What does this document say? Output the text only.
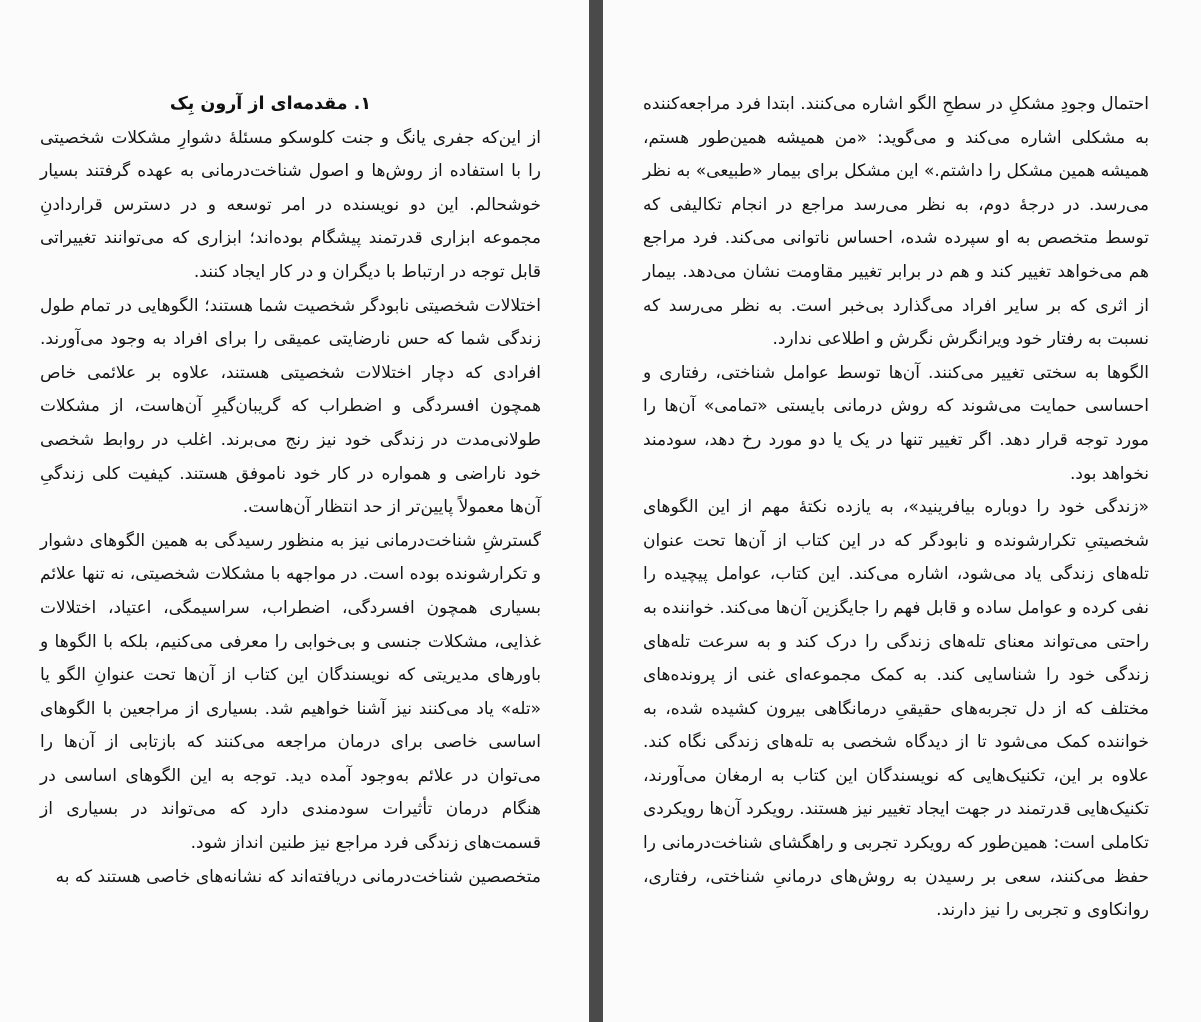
۱. مقدمه‌ای از آرون بِک

از این‌که جفری یانگ و جنت کلوسکو مسئلهٔ دشوارِ مشکلات شخصیتی را با استفاده از روش‌ها و اصول شناخت‌درمانی به عهده گرفتند بسیار خوشحالم. این دو نویسنده در امر توسعه و در دسترس قراردادنِ مجموعه ابزاری قدرتمند پیشگام بوده‌اند؛ ابزاری که می‌توانند تغییراتی قابل توجه در ارتباط با دیگران و در کار ایجاد کنند.

اختلالات شخصیتی نابودگر شخصیت شما هستند؛ الگوهایی در تمام طول زندگی شما که حس نارضایتی عمیقی را برای افراد به وجود می‌آورند. افرادی که دچار اختلالات شخصیتی هستند، علاوه بر علائمی خاص همچون افسردگی و اضطراب که گریبان‌گیرِ آن‌هاست، از مشکلات طولانی‌مدت در زندگی خود نیز رنج می‌برند. اغلب در روابط شخصی خود ناراضی و همواره در کار خود ناموفق هستند. کیفیت کلی زندگیِ آن‌ها معمولاً پایین‌تر از حد انتظار آن‌هاست.

گسترشِ شناخت‌درمانی نیز به منظور رسیدگی به همین الگوهای دشوار و تکرارشونده بوده است. در مواجهه با مشکلات شخصیتی، نه تنها علائم بسیاری همچون افسردگی، اضطراب، سراسیمگی، اعتیاد، اختلالات غذایی، مشکلات جنسی و بی‌خوابی را معرفی می‌کنیم، بلکه با الگوها و باورهای مدیریتی که نویسندگان این کتاب از آن‌ها تحت عنوانِ الگو یا «تله» یاد می‌کنند نیز آشنا خواهیم شد. بسیاری از مراجعین با الگوهای اساسی خاصی برای درمان مراجعه می‌کنند که بازتابی از آن‌ها را می‌توان در علائم به‌وجود آمده دید. توجه به این الگوهای اساسی در هنگام درمان تأثیرات سودمندی دارد که می‌تواند در بسیاری از قسمت‌های زندگی فرد مراجع نیز طنین انداز شود.

متخصصین شناخت‌درمانی دریافته‌اند که نشانه‌های خاصی هستند که به

احتمال وجودِ مشکلِ در سطحِ الگو اشاره می‌کنند. ابتدا فرد مراجعه‌کننده به مشکلی اشاره می‌کند و می‌گوید: «من همیشه همین‌طور هستم، همیشه همین مشکل را داشتم.» این مشکل برای بیمار «طبیعی» به نظر می‌رسد. در درجهٔ دوم، به نظر می‌رسد مراجع در انجام تکالیفی که توسط متخصص به او سپرده شده، احساس ناتوانی می‌کند. فرد مراجع هم می‌خواهد تغییر کند و هم در برابر تغییر مقاومت نشان می‌دهد. بیمار از اثری که بر سایر افراد می‌گذارد بی‌خبر است. به نظر می‌رسد که نسبت به رفتار خود ویرانگرش نگرش و اطلاعی ندارد.

الگوها به سختی تغییر می‌کنند. آن‌ها توسط عوامل شناختی، رفتاری و احساسی حمایت می‌شوند که روش درمانی بایستی «تمامی» آن‌ها را مورد توجه قرار دهد. اگر تغییر تنها در یک یا دو مورد رخ دهد، سودمند نخواهد بود.

«زندگی خود را دوباره بیافرینید»، به یازده نکتهٔ مهم از این الگوهای شخصیتیِ تکرارشونده و نابودگر که در این کتاب از آن‌ها تحت عنوان تله‌های زندگی یاد می‌شود، اشاره می‌کند. این کتاب، عوامل پیچیده را نفی کرده و عوامل ساده و قابل فهم را جایگزین آن‌ها می‌کند. خواننده به راحتی می‌تواند معنای تله‌های زندگی را درک کند و به سرعت تله‌های زندگی خود را شناسایی کند. به کمک مجموعه‌ای غنی از پرونده‌های مختلف که از دل تجربه‌های حقیقیِ درمانگاهی بیرون کشیده شده، به خواننده کمک می‌شود تا از دیدگاه شخصی به تله‌های زندگی نگاه کند. علاوه بر این، تکنیک‌هایی که نویسندگان این کتاب به ارمغان می‌آورند، تکنیک‌هایی قدرتمند در جهت ایجاد تغییر نیز هستند. رویکرد آن‌ها رویکردی تکاملی است: همین‌طور که رویکرد تجربی و راهگشای شناخت‌درمانی را حفظ می‌کنند، سعی بر رسیدن به روش‌های درمانیِ شناختی، رفتاری، روانکاوی و تجربی را نیز دارند.
